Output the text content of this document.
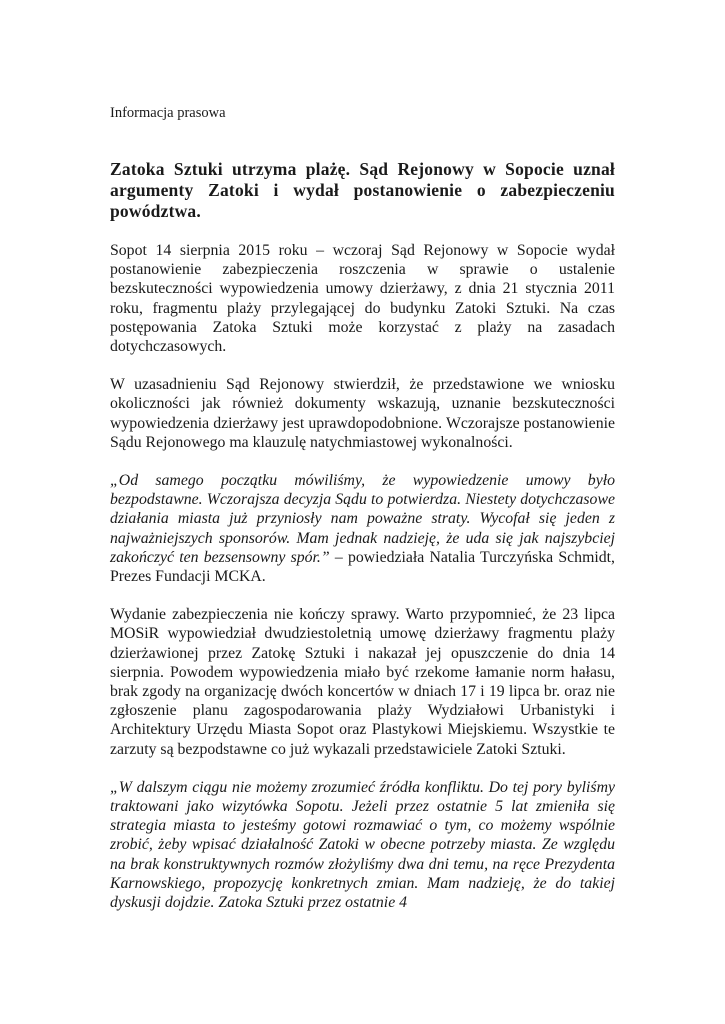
Informacja prasowa

Zatoka Sztuki utrzyma plażę. Sąd Rejonowy w Sopocie uznał argumenty Zatoki i wydał postanowienie o zabezpieczeniu powództwa.

Sopot 14 sierpnia 2015 roku – wczoraj Sąd Rejonowy w Sopocie wydał postanowienie zabezpieczenia roszczenia w sprawie o ustalenie bezskuteczności wypowiedzenia umowy dzierżawy, z dnia 21 stycznia 2011 roku, fragmentu plaży przylegającej do budynku Zatoki Sztuki. Na czas postępowania Zatoka Sztuki może korzystać z plaży na zasadach dotychczasowych.

W uzasadnieniu Sąd Rejonowy stwierdził, że przedstawione we wniosku okoliczności jak również dokumenty wskazują, uznanie bezskuteczności wypowiedzenia dzierżawy jest uprawdopodobnione. Wczorajsze postanowienie Sądu Rejonowego ma klauzulę natychmiastowej wykonalności.

„Od samego początku mówiliśmy, że wypowiedzenie umowy było bezpodstawne. Wczorajsza decyzja Sądu to potwierdza. Niestety dotychczasowe działania miasta już przyniosły nam poważne straty. Wycofał się jeden z najważniejszych sponsorów. Mam jednak nadzieję, że uda się jak najszybciej zakończyć ten bezsensowny spór.” – powiedziała Natalia Turczyńska Schmidt, Prezes Fundacji MCKA.

Wydanie zabezpieczenia nie kończy sprawy. Warto przypomnieć, że 23 lipca MOSiR wypowiedział dwudziestoletnią umowę dzierżawy fragmentu plaży dzierżawionej przez Zatokę Sztuki i nakazał jej opuszczenie do dnia 14 sierpnia. Powodem wypowiedzenia miało być rzekome łamanie norm hałasu, brak zgody na organizację dwóch koncertów w dniach 17 i 19 lipca br. oraz nie zgłoszenie planu zagospodarowania plaży Wydziałowi Urbanistyki i Architektury Urzędu Miasta Sopot oraz Plastykowi Miejskiemu. Wszystkie te zarzuty są bezpodstawne co już wykazali przedstawiciele Zatoki Sztuki.

„W dalszym ciągu nie możemy zrozumieć źródła konfliktu. Do tej pory byliśmy traktowani jako wizytówka Sopotu. Jeżeli przez ostatnie 5 lat zmieniła się strategia miasta to jesteśmy gotowi rozmawiać o tym, co możemy wspólnie zrobić, żeby wpisać działalność Zatoki w obecne potrzeby miasta. Ze względu na brak konstruktywnych rozmów złożyliśmy dwa dni temu, na ręce Prezydenta Karnowskiego, propozycję konkretnych zmian. Mam nadzieję, że do takiej dyskusji dojdzie. Zatoka Sztuki przez ostatnie 4
